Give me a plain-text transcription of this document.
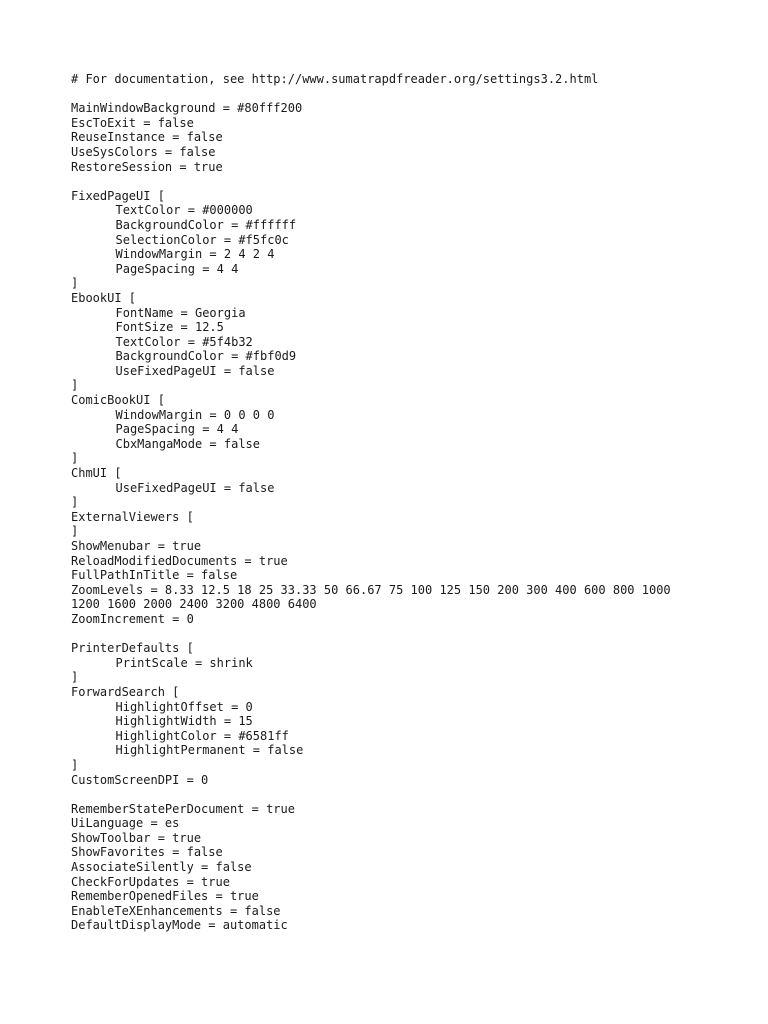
# For documentation, see http://www.sumatrapdfreader.org/settings3.2.html
MainWindowBackground = #80fff200
EscToExit = false
ReuseInstance = false
UseSysColors = false
RestoreSession = true
FixedPageUI [
TextColor = #000000
BackgroundColor = #ffffff
SelectionColor = #f5fc0c
WindowMargin = 2 4 2 4
PageSpacing = 4 4
]
EbookUI [
FontName = Georgia
FontSize = 12.5
TextColor = #5f4b32
BackgroundColor = #fbf0d9
UseFixedPageUI = false
]
ComicBookUI [
WindowMargin = 0 0 0 0
PageSpacing = 4 4
CbxMangaMode = false
]
ChmUI [
UseFixedPageUI = false
]
ExternalViewers [
]
ShowMenubar = true
ReloadModifiedDocuments = true
FullPathInTitle = false
ZoomLevels = 8.33 12.5 18 25 33.33 50 66.67 75 100 125 150 200 300 400 600 800 1000
1200 1600 2000 2400 3200 4800 6400
ZoomIncrement = 0
PrinterDefaults [
PrintScale = shrink
]
ForwardSearch [
HighlightOffset = 0
HighlightWidth = 15
HighlightColor = #6581ff
HighlightPermanent = false
]
CustomScreenDPI = 0
RememberStatePerDocument = true
UiLanguage = es
ShowToolbar = true
ShowFavorites = false
AssociateSilently = false
CheckForUpdates = true
RememberOpenedFiles = true
EnableTeXEnhancements = false
DefaultDisplayMode = automatic
